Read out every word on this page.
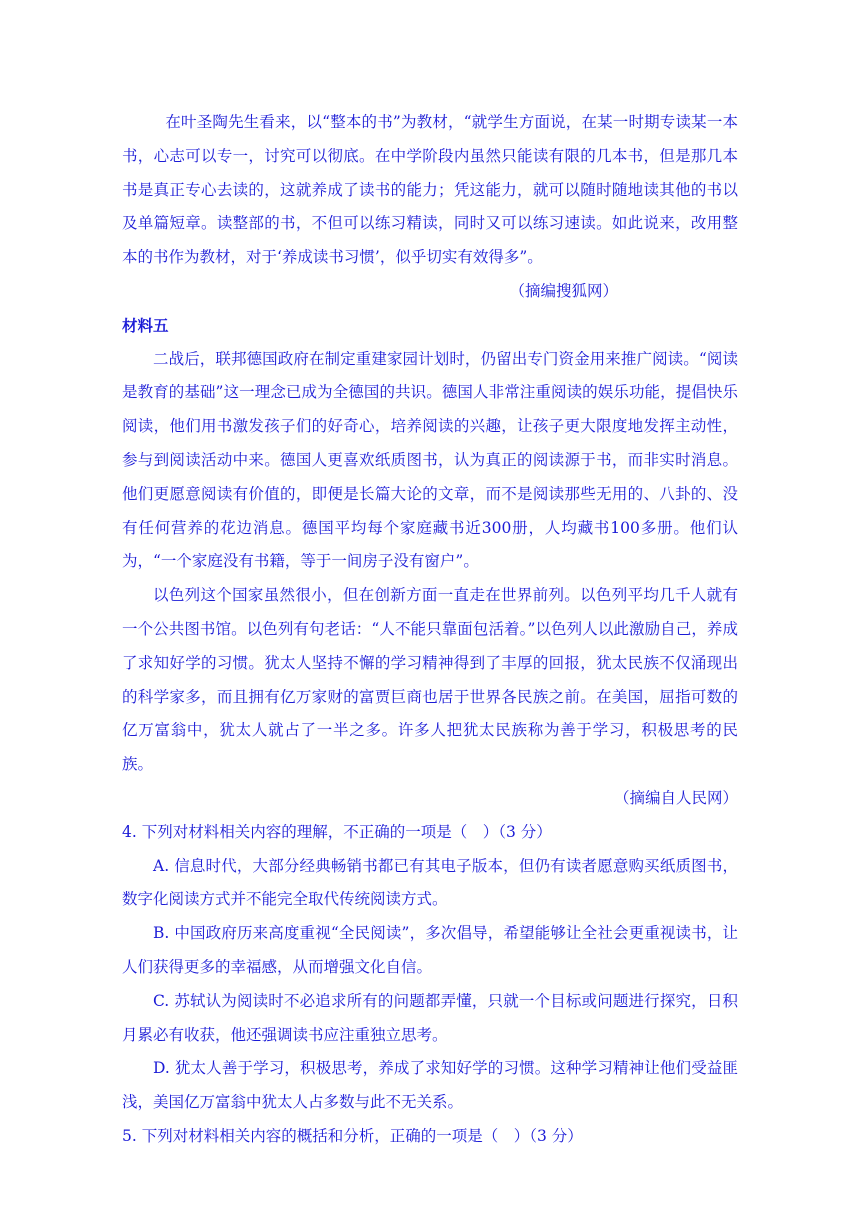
在叶圣陶先生看来，以“整本的书”为教材，“就学生方面说，在某一时期专读某一本书，心志可以专一，讨究可以彻底。在中学阶段内虽然只能读有限的几本书，但是那几本书是真正专心去读的，这就养成了读书的能力；凭这能力，就可以随时随地读其他的书以及单篇短章。读整部的书，不但可以练习精读，同时又可以练习速读。如此说来，改用整本的书作为教材，对于‘养成读书习惯’，似乎切实有效得多”。

（摘编搜狐网）

材料五

二战后，联邦德国政府在制定重建家园计划时，仍留出专门资金用来推广阅读。“阅读是教育的基础”这一理念已成为全德国的共识。德国人非常注重阅读的娱乐功能，提倡快乐阅读，他们用书激发孩子们的好奇心，培养阅读的兴趣，让孩子更大限度地发挥主动性，参与到阅读活动中来。德国人更喜欢纸质图书，认为真正的阅读源于书，而非实时消息。他们更愿意阅读有价值的，即便是长篇大论的文章，而不是阅读那些无用的、八卦的、没有任何营养的花边消息。德国平均每个家庭藏书近300册，人均藏书100多册。他们认为，“一个家庭没有书籍，等于一间房子没有窗户”。

以色列这个国家虽然很小，但在创新方面一直走在世界前列。以色列平均几千人就有一个公共图书馆。以色列有句老话：“人不能只靠面包活着。”以色列人以此激励自己，养成了求知好学的习惯。犹太人坚持不懈的学习精神得到了丰厚的回报，犹太民族不仅涌现出的科学家多，而且拥有亿万家财的富贾巨商也居于世界各民族之前。在美国，屈指可数的亿万富翁中，犹太人就占了一半之多。许多人把犹太民族称为善于学习，积极思考的民族。

（摘编自人民网）

4. 下列对材料相关内容的理解，不正确的一项是（　）（3 分）

A. 信息时代，大部分经典畅销书都已有其电子版本，但仍有读者愿意购买纸质图书，数字化阅读方式并不能完全取代传统阅读方式。

B. 中国政府历来高度重视“全民阅读”，多次倡导，希望能够让全社会更重视读书，让人们获得更多的幸福感，从而增强文化自信。

C. 苏轼认为阅读时不必追求所有的问题都弄懂，只就一个目标或问题进行探究，日积月累必有收获，他还强调读书应注重独立思考。

D. 犹太人善于学习，积极思考，养成了求知好学的习惯。这种学习精神让他们受益匪浅，美国亿万富翁中犹太人占多数与此不无关系。

5. 下列对材料相关内容的概括和分析，正确的一项是（　）（3 分）
